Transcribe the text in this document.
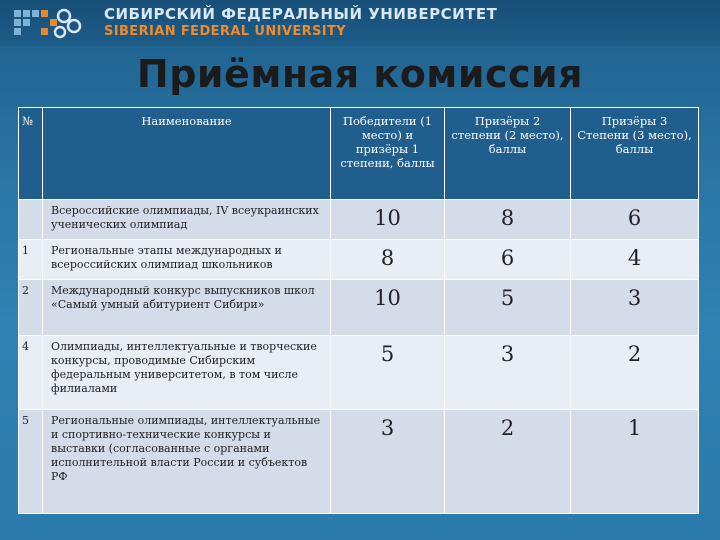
СИБИРСКИЙ ФЕДЕРАЛЬНЫЙ УНИВЕРСИТЕТ
SIBERIAN FEDERAL UNIVERSITY
Приёмная комиссия
№	Наименование	Победители (1 место) и призёры 1 степени, баллы	Призёры 2 степени (2 место), баллы	Призёры 3 Степени (3 место), баллы
	Всероссийские олимпиады, IV всеукраинских ученических олимпиад	10	8	6
1	Региональные этапы международных и всероссийских олимпиад школьников	8	6	4
2	Международный конкурс выпускников школ «Самый умный абитуриент Сибири»	10	5	3
4	Олимпиады, интеллектуальные и творческие конкурсы, проводимые Сибирским федеральным университетом, в том числе филиалами	5	3	2
5	Региональные олимпиады, интеллектуальные и спортивно-технические конкурсы и выставки (согласованные с органами исполнительной власти России и субъектов РФ	3	2	1
